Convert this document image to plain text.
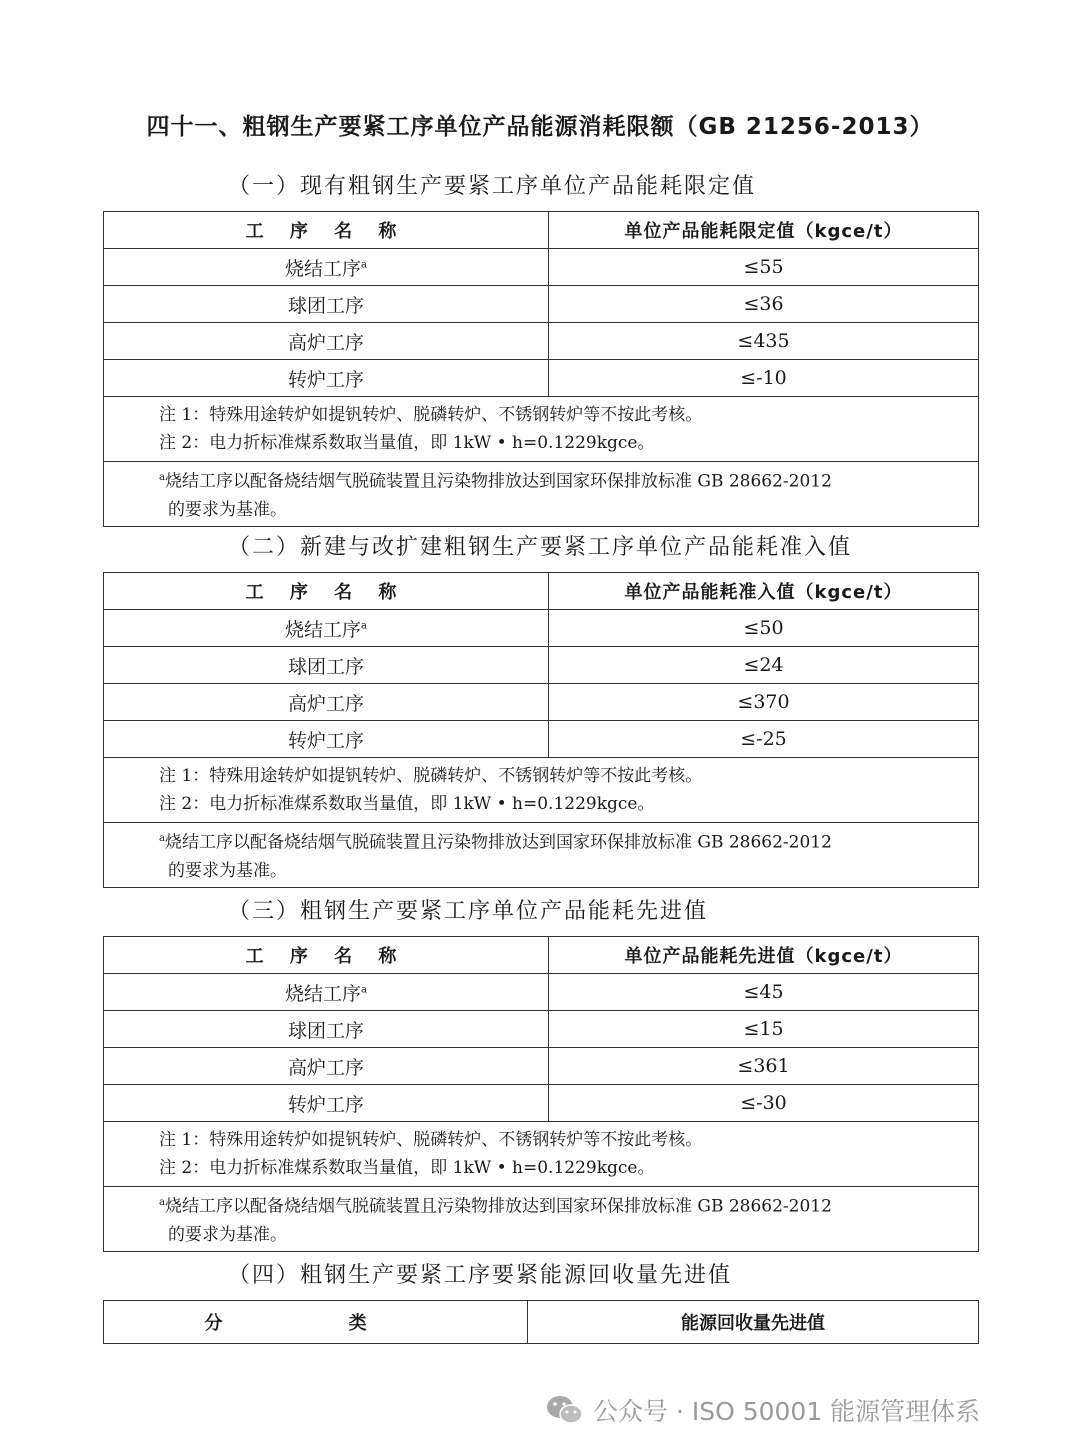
四十一、粗钢生产要紧工序单位产品能源消耗限额（GB 21256-2013）
（一）现有粗钢生产要紧工序单位产品能耗限定值
工 序 名 称	单位产品能耗限定值（kgce/t）
烧结工序$^a$	≤55
球团工序	≤36
高炉工序	≤435
转炉工序	≤-10

注 1：特殊用途转炉如提钒转炉、脱磷转炉、不锈钢转炉等不按此考核。
注 2：电力折标准煤系数取当量值，即 1kW • h=0.1229kgce。	

$^a$烧结工序以配备烧结烟气脱硫装置且污染物排放达到国家环保排放标准 GB 28662-2012
的要求为基准。	
（二）新建与改扩建粗钢生产要紧工序单位产品能耗准入值
工 序 名 称	单位产品能耗准入值（kgce/t）
烧结工序$^a$	≤50
球团工序	≤24
高炉工序	≤370
转炉工序	≤-25

注 1：特殊用途转炉如提钒转炉、脱磷转炉、不锈钢转炉等不按此考核。
注 2：电力折标准煤系数取当量值，即 1kW • h=0.1229kgce。	

$^a$烧结工序以配备烧结烟气脱硫装置且污染物排放达到国家环保排放标准 GB 28662-2012
的要求为基准。	
（三）粗钢生产要紧工序单位产品能耗先进值
工 序 名 称	单位产品能耗先进值（kgce/t）
烧结工序$^a$	≤45
球团工序	≤15
高炉工序	≤361
转炉工序	≤-30

注 1：特殊用途转炉如提钒转炉、脱磷转炉、不锈钢转炉等不按此考核。
注 2：电力折标准煤系数取当量值，即 1kW • h=0.1229kgce。	

$^a$烧结工序以配备烧结烟气脱硫装置且污染物排放达到国家环保排放标准 GB 28662-2012
的要求为基准。	
（四）粗钢生产要紧工序要紧能源回收量先进值
分 类	能源回收量先进值
公众号 · ISO 50001 能源管理体系
